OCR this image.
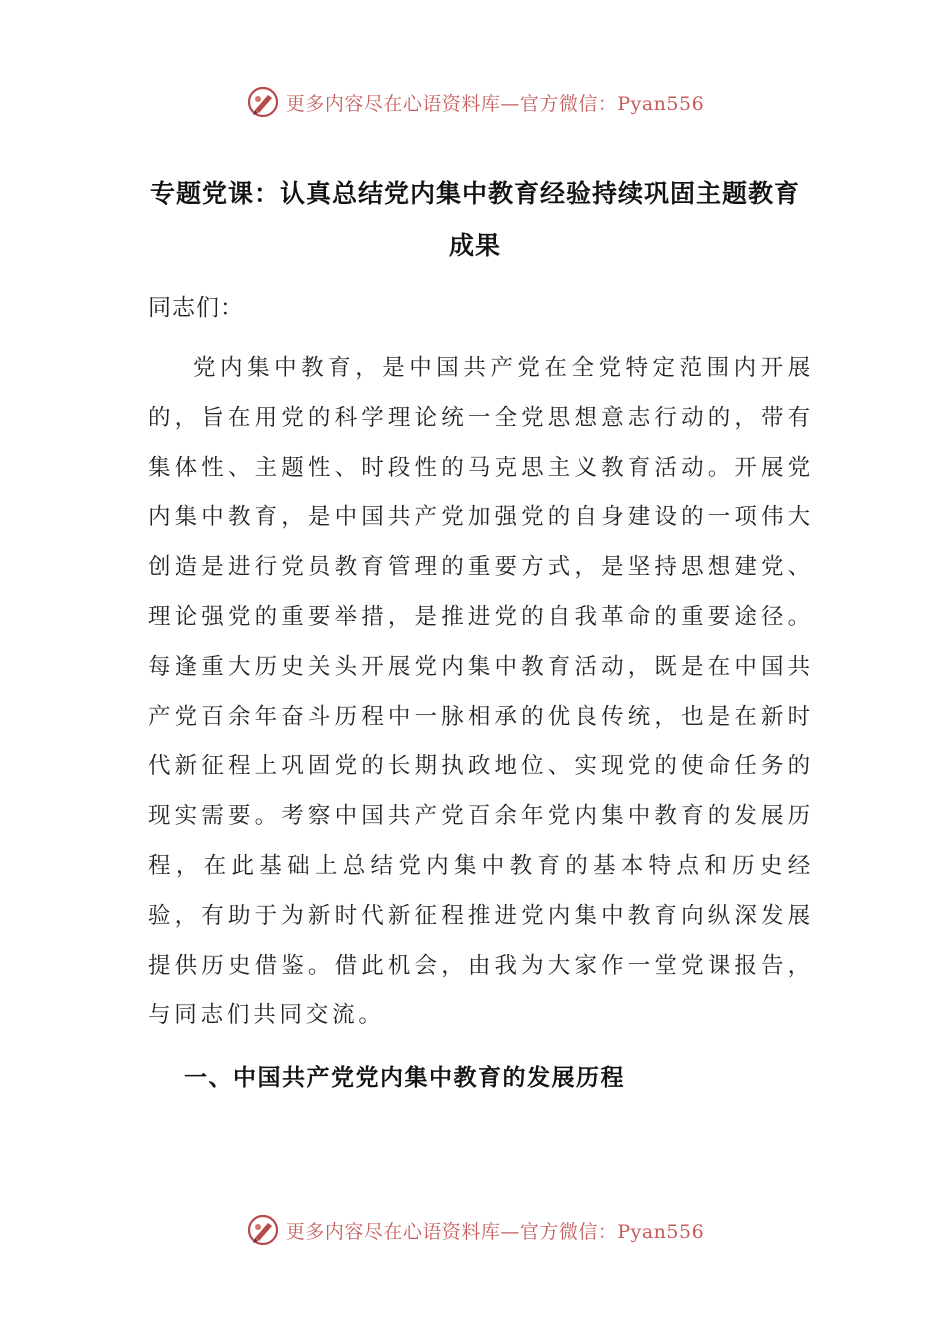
更多内容尽在心语资料库—官方微信：Pyan556
专题党课：认真总结党内集中教育经验持续巩固主题教育成果
同志们：

党内集中教育，是中国共产党在全党特定范围内开展的，旨在用党的科学理论统一全党思想意志行动的，带有集体性、主题性、时段性的马克思主义教育活动。开展党内集中教育，是中国共产党加强党的自身建设的一项伟大创造是进行党员教育管理的重要方式，是坚持思想建党、理论强党的重要举措，是推进党的自我革命的重要途径。每逢重大历史关头开展党内集中教育活动，既是在中国共产党百余年奋斗历程中一脉相承的优良传统，也是在新时代新征程上巩固党的长期执政地位、实现党的使命任务的现实需要。考察中国共产党百余年党内集中教育的发展历程，在此基础上总结党内集中教育的基本特点和历史经验，有助于为新时代新征程推进党内集中教育向纵深发展提供历史借鉴。借此机会，由我为大家作一堂党课报告，与同志们共同交流。

一、中国共产党党内集中教育的发展历程
更多内容尽在心语资料库—官方微信：Pyan556
